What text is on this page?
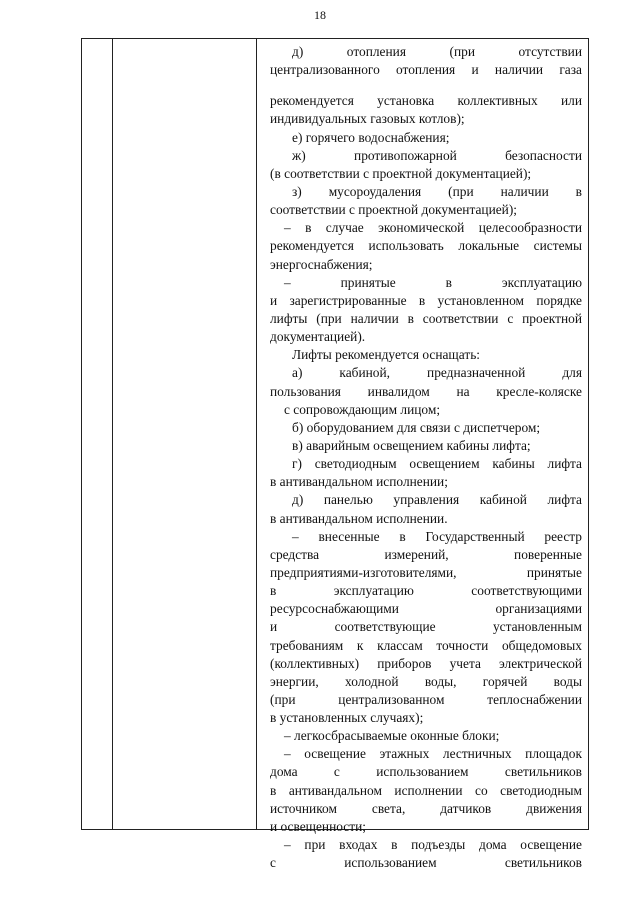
18
д) отопления (при отсутствии
централизованного отопления и наличии газа
рекомендуется установка коллективных или
индивидуальных газовых котлов);
е) горячего водоснабжения;
ж) противопожарной безопасности
(в соответствии с проектной документацией);
з) мусороудаления (при наличии в
соответствии с проектной документацией);
– в случае экономической целесообразности
рекомендуется использовать локальные системы
энергоснабжения;
– принятые в эксплуатацию
и зарегистрированные в установленном порядке
лифты (при наличии в соответствии с проектной
документацией).
Лифты рекомендуется оснащать:
а) кабиной, предназначенной для
пользования инвалидом на кресле-коляске
с сопровождающим лицом;
б) оборудованием для связи с диспетчером;
в) аварийным освещением кабины лифта;
г) светодиодным освещением кабины лифта
в антивандальном исполнении;
д) панелью управления кабиной лифта
в антивандальном исполнении.
– внесенные в Государственный реестр
средства измерений, поверенные
предприятиями-изготовителями, принятые
в эксплуатацию соответствующими
ресурсоснабжающими организациями
и соответствующие установленным
требованиям к классам точности общедомовых
(коллективных) приборов учета электрической
энергии, холодной воды, горячей воды
(при централизованном теплоснабжении
в установленных случаях);
– легкосбрасываемые оконные блоки;
– освещение этажных лестничных площадок
дома с использованием светильников
в антивандальном исполнении со светодиодным
источником света, датчиков движения
и освещенности;
– при входах в подъезды дома освещение
с использованием светильников
